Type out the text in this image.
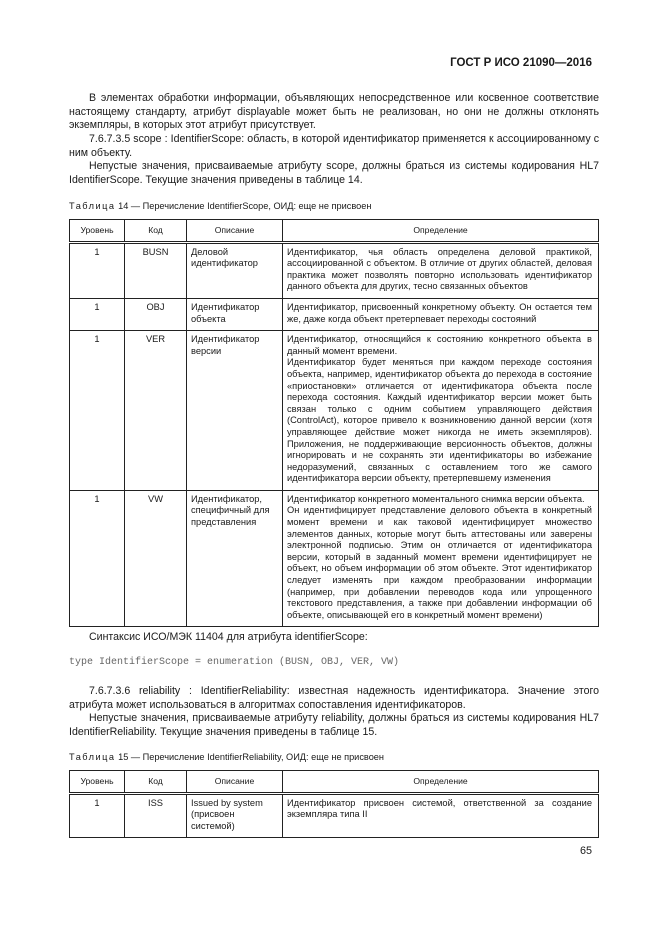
ГОСТ Р ИСО 21090—2016

В элементах обработки информации, объявляющих непосредственное или косвенное соответствие настоящему стандарту, атрибут displayable может быть не реализован, но они не должны отклонять экземпляры, в которых этот атрибут присутствует.

7.6.7.3.5 scope : IdentifierScope: область, в которой идентификатор применяется к ассоциированному с ним объекту.

Непустые значения, присваиваемые атрибуту scope, должны браться из системы кодирования HL7 IdentifierScope. Текущие значения приведены в таблице 14.

Таблица 14 — Перечисление IdentifierScope, ОИД: еще не присвоен
Уровень	Код	Описание	Определение
1	BUSN	Деловой идентификатор	Идентификатор, чья область определена деловой практикой, ассоциированной с объектом. В отличие от других областей, деловая практика может позволять повторно использовать идентификатор данного объекта для других, тесно связанных объектов
1	OBJ	Идентификатор объекта	Идентификатор, присвоенный конкретному объекту. Он остается тем же, даже когда объект претерпевает переходы состояний
1	VER	Идентификатор версии	Идентификатор, относящийся к состоянию конкретного объекта в данный момент времени.
Идентификатор будет меняться при каждом переходе состояния объекта, например, идентификатор объекта до перехода в состояние «приостановки» отличается от идентификатора объекта после перехода состояния. Каждый идентификатор версии может быть связан только с одним событием управляющего действия (ControlAct), которое привело к возникновению данной версии (хотя управляющее действие может никогда не иметь экземпляров). Приложения, не поддерживающие версионность объектов, должны игнорировать и не сохранять эти идентификаторы во избежание недоразумений, связанных с оставлением того же самого идентификатора версии объекту, претерпевшему изменения
1	VW	Идентификатор, специфичный для представления	Идентификатор конкретного моментального снимка версии объекта.
Он идентифицирует представление делового объекта в конкретный момент времени и как таковой идентифицирует множество элементов данных, которые могут быть аттестованы или заверены электронной подписью. Этим он отличается от идентификатора версии, который в заданный момент времени идентифицирует не объект, но объем информации об этом объекте. Этот идентификатор следует изменять при каждом преобразовании информации (например, при добавлении переводов кода или упрощенного текстового представления, а также при добавлении информации об объекте, описывающей его в конкретный момент времени)

Синтаксис ИСО/МЭК 11404 для атрибута identifierScope:

type IdentifierScope = enumeration (BUSN, OBJ, VER, VW)

7.6.7.3.6 reliability : IdentifierReliability: известная надежность идентификатора. Значение этого атрибута может использоваться в алгоритмах сопоставления идентификаторов.

Непустые значения, присваиваемые атрибуту reliability, должны браться из системы кодирования HL7 IdentifierReliability. Текущие значения приведены в таблице 15.

Таблица 15 — Перечисление IdentifierReliability, ОИД: еще не присвоен
Уровень	Код	Описание	Определение
1	ISS	Issued by system (присвоен системой)	Идентификатор присвоен системой, ответственной за создание экземпляра типа II
65
